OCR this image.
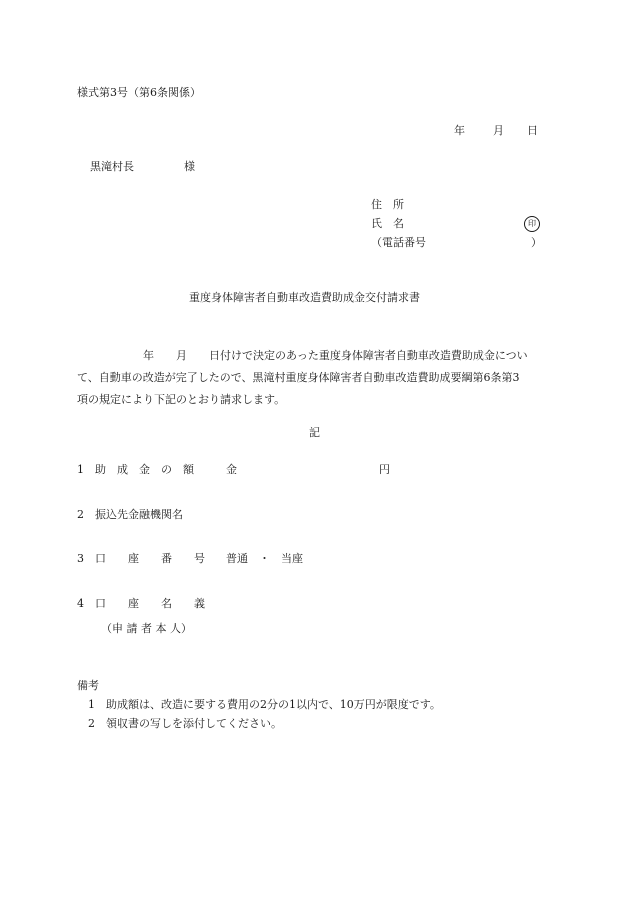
様式第3号（第6条関係）
年	月 日
黒滝村長	様
住　所
氏　名	印
（電話番号	）
重度身体障害者自動車改造費助成金交付請求書
　　　　　　年　　月　　日付けで決定のあった重度身体障害者自動車改造費助成金につい
て、自動車の改造が完了したので、黒滝村重度身体障害者自動車改造費助成要綱第6条第3
項の規定により下記のとおり請求します。
記
1　助　成　金　の　額	金	円
2　振込先金融機関名
3　口　　座　　番　　号 普通　・　当座
4　口　　座　　名　　義
（申 請 者 本 人）
備考
1　助成額は、改造に要する費用の2分の1以内で、10万円が限度です。
2　領収書の写しを添付してください。
